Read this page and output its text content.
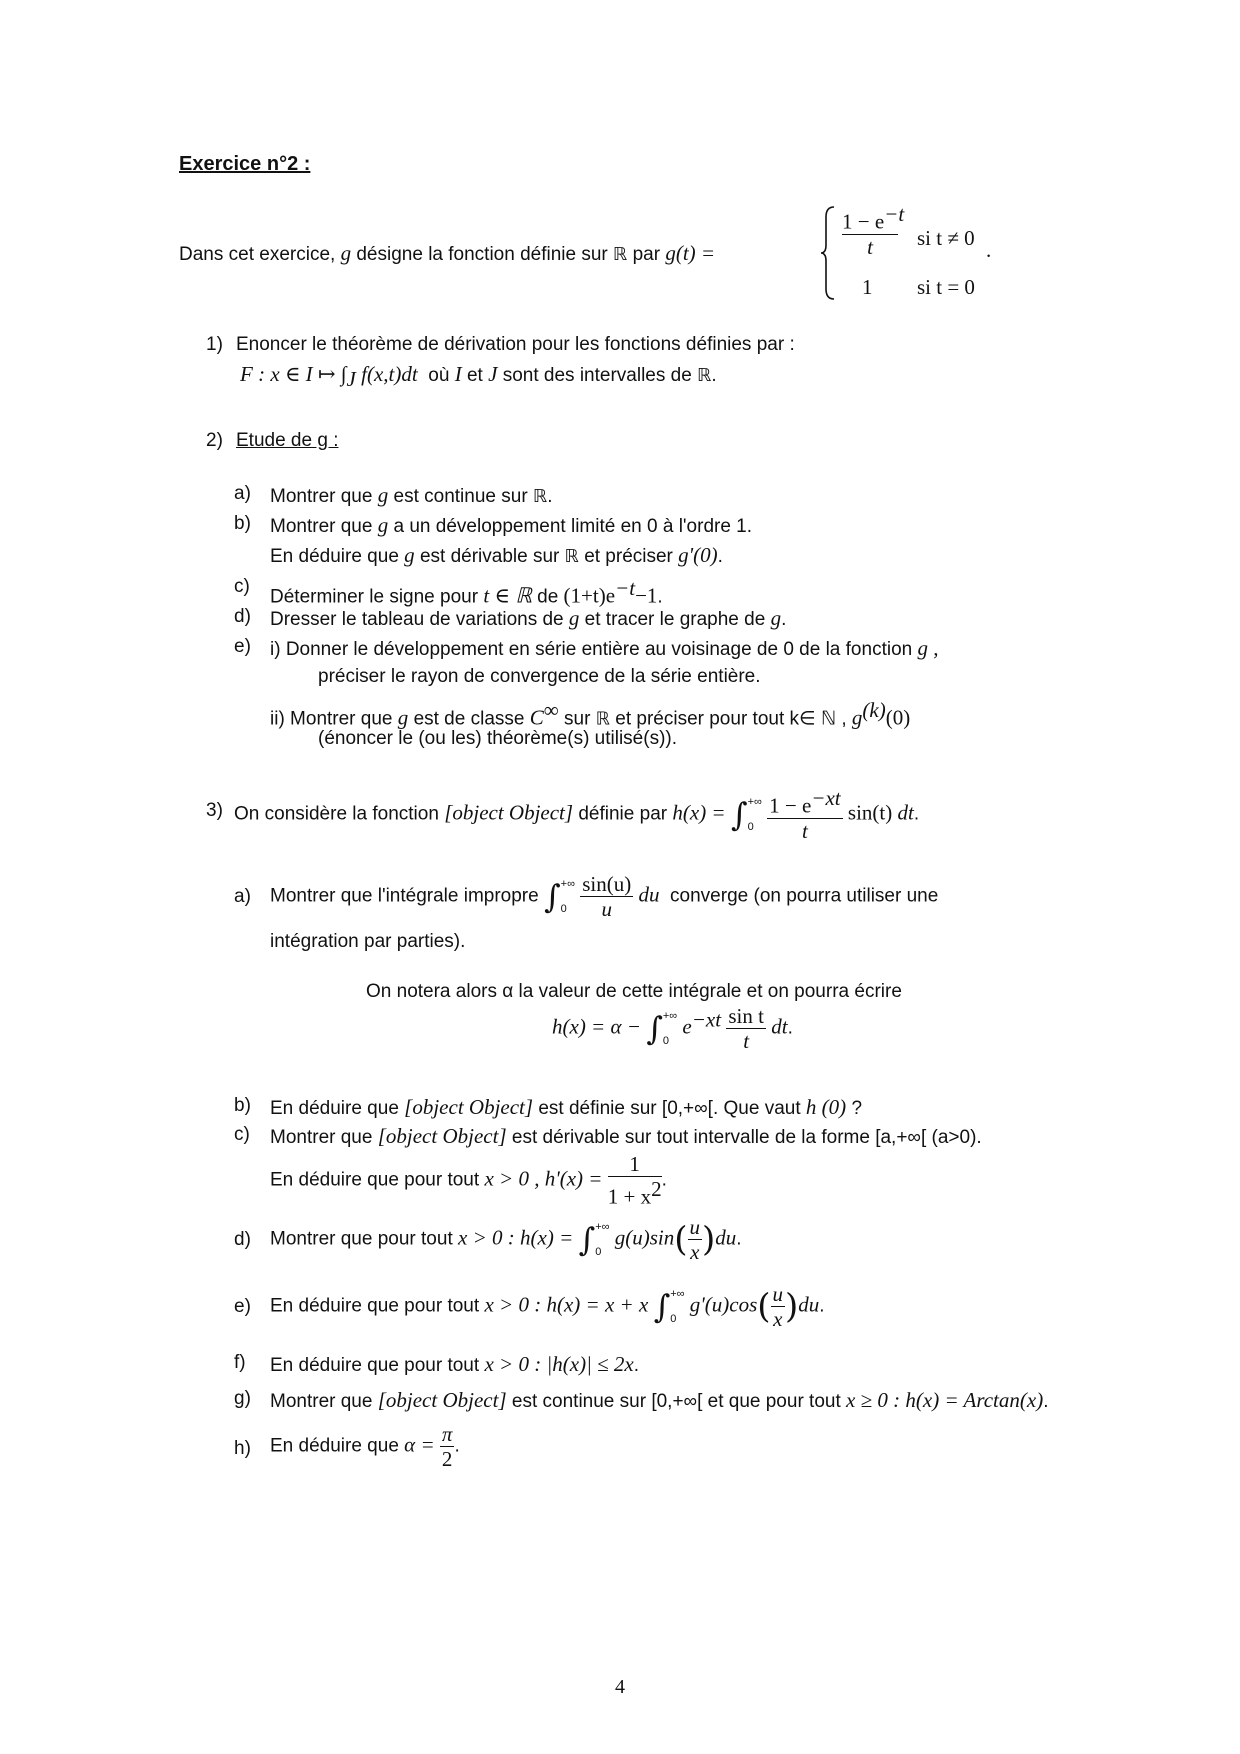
Exercice n°2 :
Dans cet exercice, g désigne la fonction définie sur ℝ par g(t) =
$1 - e^{-t}$
t	si t ≠ 0
1 si t = 0
.
1) Enoncer le théorème de dérivation pour les fonctions définies par :
F : x ∈ I ↦ $\int_J$ f(x,t)dt où I et J sont des intervalles de ℝ.
2) Etude de g :
a) Montrer que g est continue sur ℝ.
b) Montrer que g a un développement limité en 0 à l'ordre 1.
En déduire que g est dérivable sur ℝ et préciser g'(0).
c) Déterminer le signe pour t ∈ ℝ de $(1+t)e^{-t}-1$.
d) Dresser le tableau de variations de g et tracer le graphe de g.
e) i) Donner le développement en série entière au voisinage de 0 de la fonction g ,
préciser le rayon de convergence de la série entière.
ii) Montrer que g est de classe C∞ sur ℝ et préciser pour tout k∈ ℕ , $g^{(k)}(0)$
(énoncer le (ou les) théorème(s) utilisé(s)).
3) On considère la fonction [object Object] définie par h(x) = ∫ +∞
0
$\frac{1 - e^{-xt}}{t} \sin(t)$ dt.
a) Montrer que l'intégrale impropre ∫ +∞
0
$\frac{\sin(u)}{u}$ du converge (on pourra utiliser une
intégration par parties).
On notera alors α la valeur de cette intégrale et on pourra écrire
h(x) = α − ∫ +∞
0
$e^{-xt} \frac{\text{sin t}}{t}$ dt.
b) En déduire que [object Object] est définie sur [0,+∞[. Que vaut h (0) ?
c) Montrer que [object Object] est dérivable sur tout intervalle de la forme [a,+∞[ (a>0).
En déduire que pour tout x > 0 , $h'(x) = \frac{1}{1 + x^2}$ .
d) Montrer que pour tout x > 0 : h(x) = ∫ +∞
0
$g(u)\sin( \frac{u}{x} )du$.
e) En déduire que pour tout x > 0 : h(x) = x + x ∫ +∞
0
$g'(u)\cos( \frac{u}{x} )du$.
f) En déduire que pour tout x > 0 : |h(x)| ≤ 2x.
g) Montrer que [object Object] est continue sur [0,+∞[ et que pour tout x ≥ 0 : h(x) = Arctan(x).
h) En déduire que $\alpha = \frac{\pi}{2}$ .
4
